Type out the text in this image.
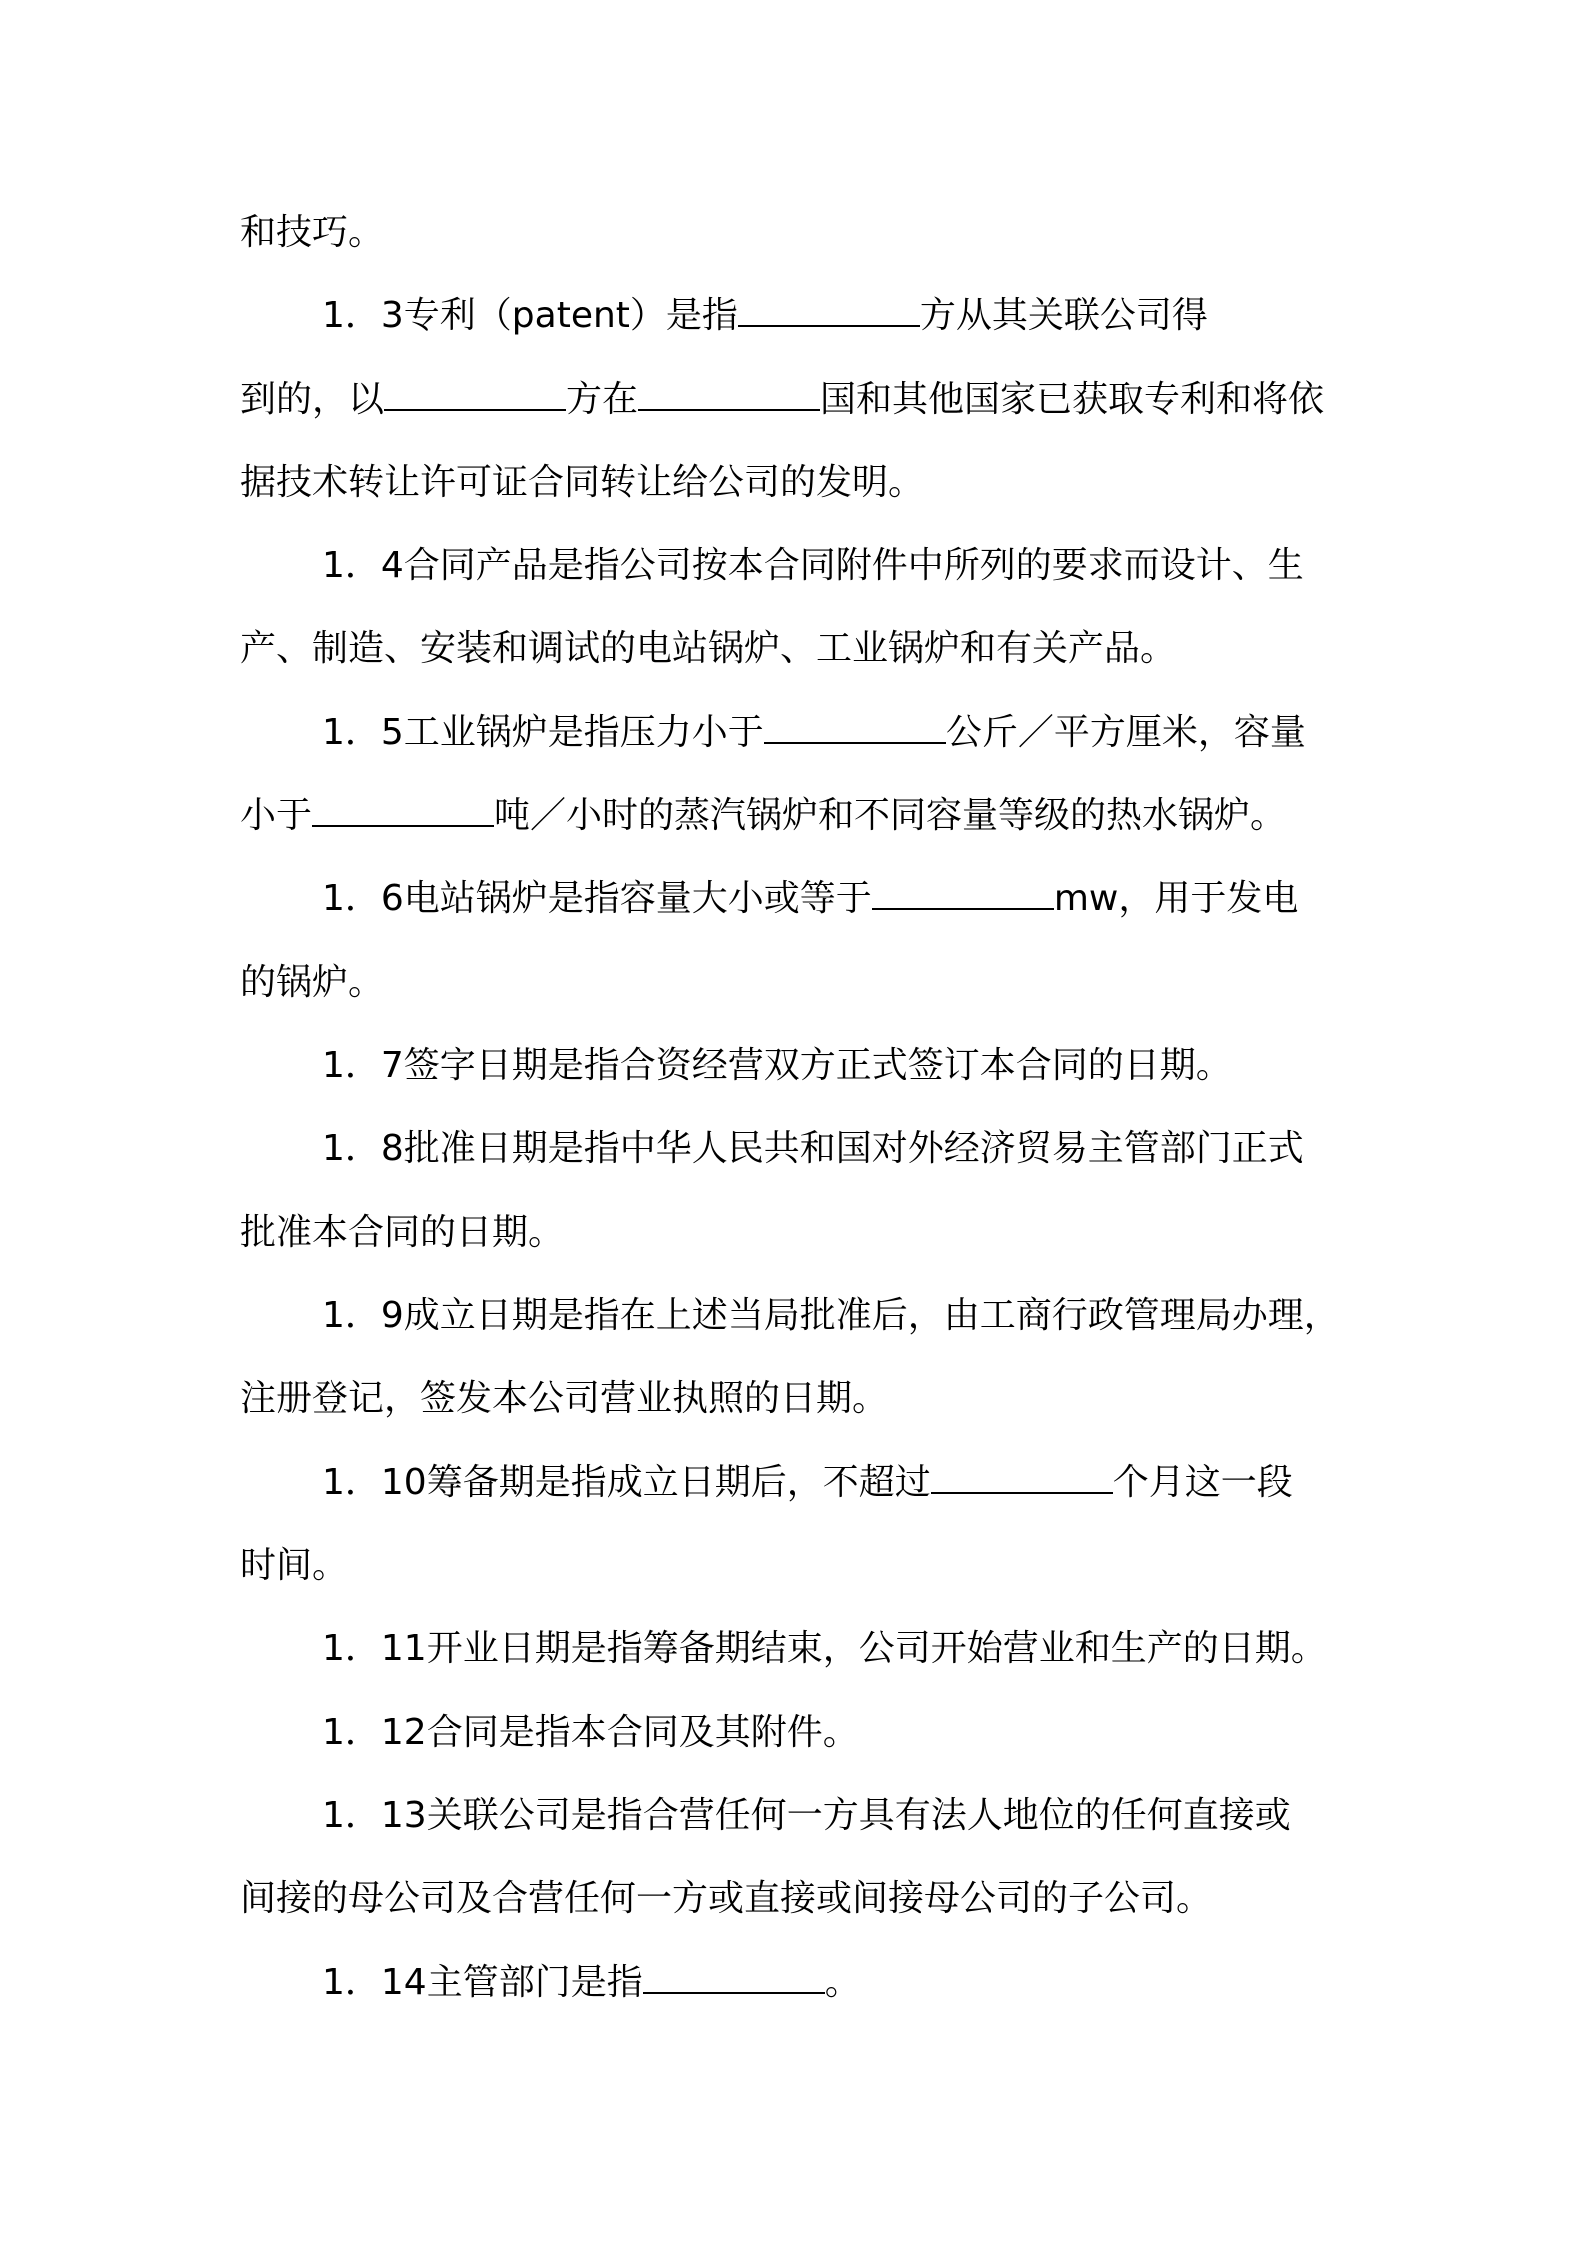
和技巧。
1．3专利（patent）是指	方从其关联公司得
到的，以	方在	国和其他国家已获取专利和将依
据技术转让许可证合同转让给公司的发明。
1．4合同产品是指公司按本合同附件中所列的要求而设计、生
产、制造、安装和调试的电站锅炉、工业锅炉和有关产品。
1．5工业锅炉是指压力小于	公斤／平方厘米，容量
小于	吨／小时的蒸汽锅炉和不同容量等级的热水锅炉。
1．6电站锅炉是指容量大小或等于	mw，用于发电
的锅炉。
1．7签字日期是指合资经营双方正式签订本合同的日期。
1．8批准日期是指中华人民共和国对外经济贸易主管部门正式
批准本合同的日期。
1．9成立日期是指在上述当局批准后，由工商行政管理局办理，
注册登记，签发本公司营业执照的日期。
1．10筹备期是指成立日期后，不超过	个月这一段
时间。
1．11开业日期是指筹备期结束，公司开始营业和生产的日期。
1．12合同是指本合同及其附件。
1．13关联公司是指合营任何一方具有法人地位的任何直接或
间接的母公司及合营任何一方或直接或间接母公司的子公司。
1．14主管部门是指	。
